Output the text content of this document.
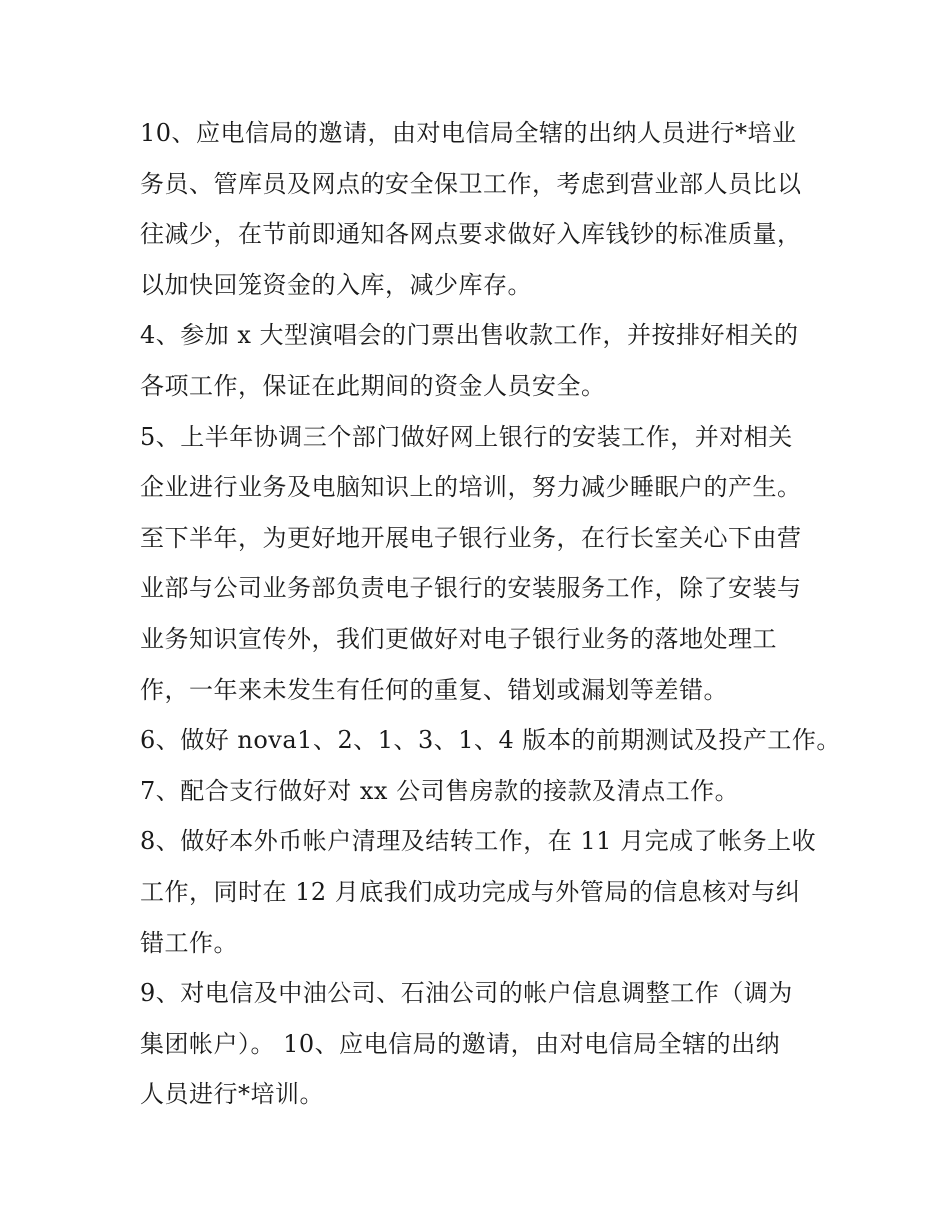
10、应电信局的邀请，由对电信局全辖的出纳人员进行*培业
务员、管库员及网点的安全保卫工作，考虑到营业部人员比以
往减少，在节前即通知各网点要求做好入库钱钞的标准质量，
以加快回笼资金的入库，减少库存。
4、参加 x 大型演唱会的门票出售收款工作，并按排好相关的
各项工作，保证在此期间的资金人员安全。
5、上半年协调三个部门做好网上银行的安装工作，并对相关
企业进行业务及电脑知识上的培训，努力减少睡眠户的产生。
至下半年，为更好地开展电子银行业务，在行长室关心下由营
业部与公司业务部负责电子银行的安装服务工作，除了安装与
业务知识宣传外，我们更做好对电子银行业务的落地处理工
作，一年来未发生有任何的重复、错划或漏划等差错。
6、做好 nova1、2、1、3、1、4 版本的前期测试及投产工作。
7、配合支行做好对 xx 公司售房款的接款及清点工作。
8、做好本外币帐户清理及结转工作，在 11 月完成了帐务上收
工作，同时在 12 月底我们成功完成与外管局的信息核对与纠
错工作。
9、对电信及中油公司、石油公司的帐户信息调整工作（调为
集团帐户）。 10、应电信局的邀请，由对电信局全辖的出纳
人员进行*培训。
